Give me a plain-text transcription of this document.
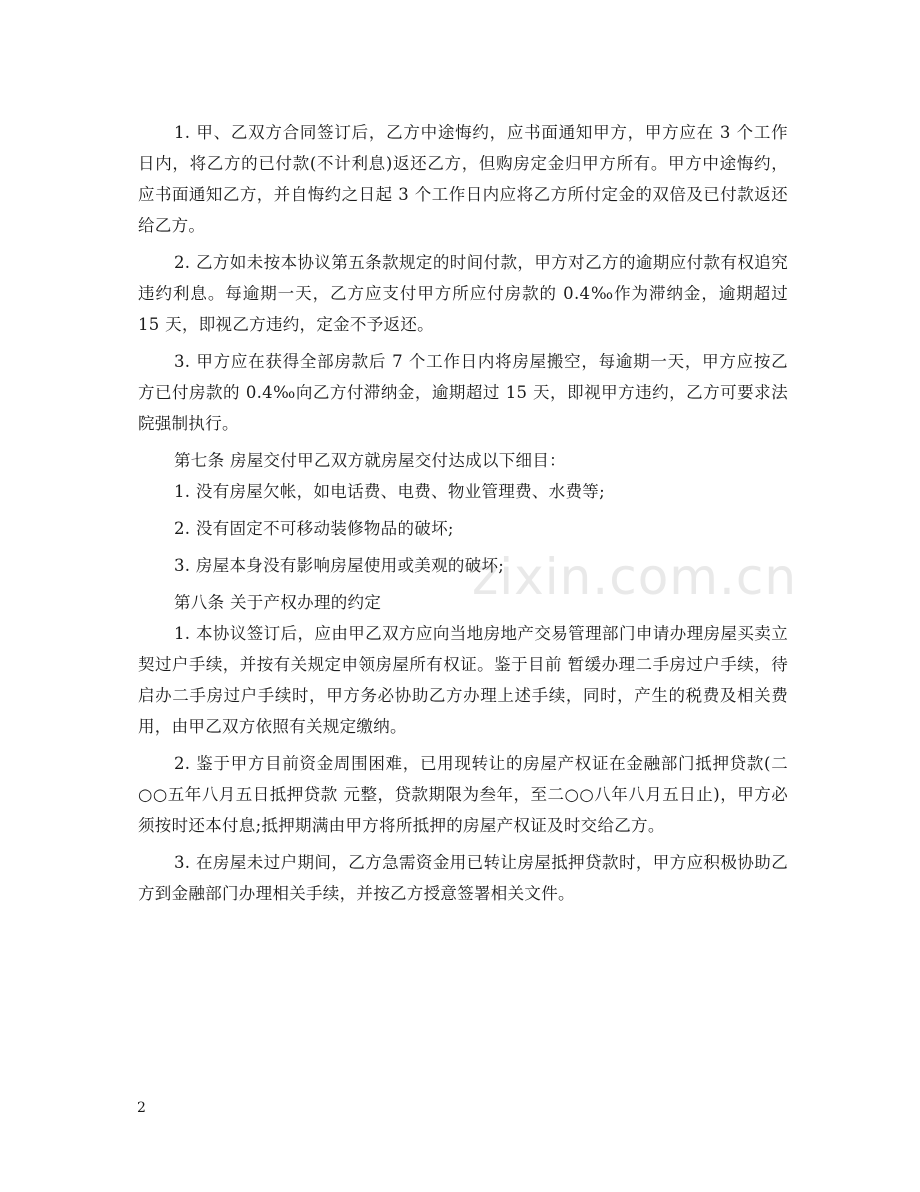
zixin.com.cn

1. 甲、乙双方合同签订后，乙方中途悔约，应书面通知甲方，甲方应在 3 个工作日内，将乙方的已付款(不计利息)返还乙方，但购房定金归甲方所有。甲方中途悔约，应书面通知乙方，并自悔约之日起 3 个工作日内应将乙方所付定金的双倍及已付款返还给乙方。

2. 乙方如未按本协议第五条款规定的时间付款，甲方对乙方的逾期应付款有权追究违约利息。每逾期一天，乙方应支付甲方所应付房款的 0.4‰作为滞纳金，逾期超过 15 天，即视乙方违约，定金不予返还。

3. 甲方应在获得全部房款后 7 个工作日内将房屋搬空，每逾期一天，甲方应按乙方已付房款的 0.4‰向乙方付滞纳金，逾期超过 15 天，即视甲方违约，乙方可要求法院强制执行。

第七条 房屋交付甲乙双方就房屋交付达成以下细目：

1. 没有房屋欠帐，如电话费、电费、物业管理费、水费等;

2. 没有固定不可移动装修物品的破坏;

3. 房屋本身没有影响房屋使用或美观的破坏;

第八条 关于产权办理的约定

1. 本协议签订后，应由甲乙双方应向当地房地产交易管理部门申请办理房屋买卖立契过户手续，并按有关规定申领房屋所有权证。鉴于目前 暂缓办理二手房过户手续，待 启办二手房过户手续时，甲方务必协助乙方办理上述手续，同时，产生的税费及相关费用，由甲乙双方依照有关规定缴纳。

2. 鉴于甲方目前资金周围困难，已用现转让的房屋产权证在金融部门抵押贷款(二○○五年八月五日抵押贷款 元整，贷款期限为叁年，至二○○八年八月五日止)，甲方必须按时还本付息;抵押期满由甲方将所抵押的房屋产权证及时交给乙方。

3. 在房屋未过户期间，乙方急需资金用已转让房屋抵押贷款时，甲方应积极协助乙方到金融部门办理相关手续，并按乙方授意签署相关文件。

2
